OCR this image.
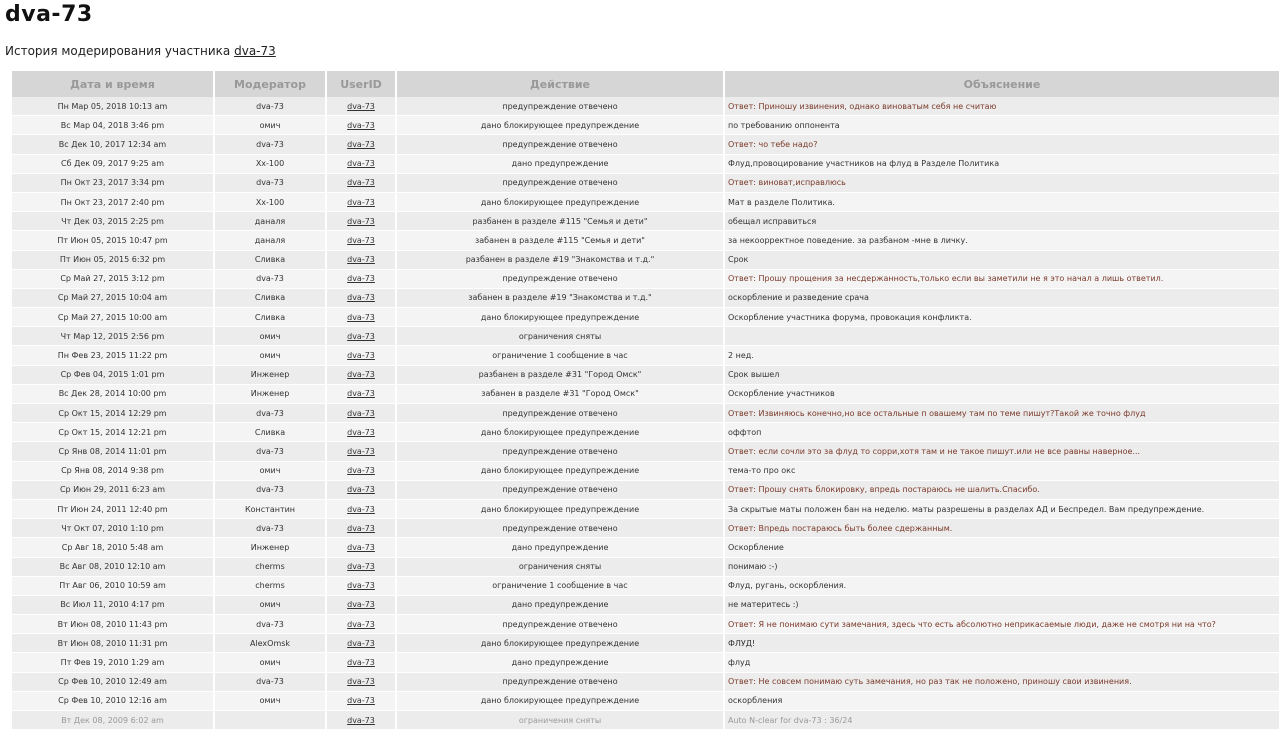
dva-73
История модерирования участника dva-73
Дата и время	Модератор	UserID	Действие	Объяснение
Пн Мар 05, 2018 10:13 am	dva-73	dva-73	предупреждение отвечено	Ответ: Приношу извинения, однако виноватым себя не считаю
Вс Мар 04, 2018 3:46 pm	омич	dva-73	дано блокирующее предупреждение	по требованию оппонента
Вс Дек 10, 2017 12:34 am	dva-73	dva-73	предупреждение отвечено	Ответ: чо тебе надо?
Сб Дек 09, 2017 9:25 am	Xx-100	dva-73	дано предупреждение	Флуд,провоцирование участников на флуд в Разделе Политика
Пн Окт 23, 2017 3:34 pm	dva-73	dva-73	предупреждение отвечено	Ответ: виноват,исправлюсь
Пн Окт 23, 2017 2:40 pm	Xx-100	dva-73	дано блокирующее предупреждение	Мат в разделе Политика.
Чт Дек 03, 2015 2:25 pm	даналя	dva-73	разбанен в разделе #115 "Семья и дети"	обещал исправиться
Пт Июн 05, 2015 10:47 pm	даналя	dva-73	забанен в разделе #115 "Семья и дети"	за некоорректное поведение. за разбаном -мне в личку.
Пт Июн 05, 2015 6:32 pm	Сливка	dva-73	разбанен в разделе #19 "Знакомства и т.д."	Срок
Ср Май 27, 2015 3:12 pm	dva-73	dva-73	предупреждение отвечено	Ответ: Прошу прощения за несдержанность,только если вы заметили не я это начал а лишь ответил.
Ср Май 27, 2015 10:04 am	Сливка	dva-73	забанен в разделе #19 "Знакомства и т.д."	оскорбление и разведение срача
Ср Май 27, 2015 10:00 am	Сливка	dva-73	дано блокирующее предупреждение	Оскорбление участника форума, провокация конфликта.
Чт Мар 12, 2015 2:56 pm	омич	dva-73	ограничения сняты	
Пн Фев 23, 2015 11:22 pm	омич	dva-73	ограничение 1 сообщение в час	2 нед.
Ср Фев 04, 2015 1:01 pm	Инженер	dva-73	разбанен в разделе #31 "Город Омск"	Срок вышел
Вс Дек 28, 2014 10:00 pm	Инженер	dva-73	забанен в разделе #31 "Город Омск"	Оскорбление участников
Ср Окт 15, 2014 12:29 pm	dva-73	dva-73	предупреждение отвечено	Ответ: Извиняюсь конечно,но все остальные п овашему там по теме пишут?Такой же точно флуд
Ср Окт 15, 2014 12:21 pm	Сливка	dva-73	дано блокирующее предупреждение	оффтоп
Ср Янв 08, 2014 11:01 pm	dva-73	dva-73	предупреждение отвечено	Ответ: если сочли это за флуд то сорри,хотя там и не такое пишут.или не все равны наверное...
Ср Янв 08, 2014 9:38 pm	омич	dva-73	дано блокирующее предупреждение	тема-то про окс
Ср Июн 29, 2011 6:23 am	dva-73	dva-73	предупреждение отвечено	Ответ: Прошу снять блокировку, впредь постараюсь не шалить.Спасибо.
Пт Июн 24, 2011 12:40 pm	Константин	dva-73	дано блокирующее предупреждение	За скрытые маты положен бан на неделю. маты разрешены в разделах АД и Беспредел. Вам предупреждение.
Чт Окт 07, 2010 1:10 pm	dva-73	dva-73	предупреждение отвечено	Ответ: Впредь постараюсь быть более сдержанным.
Ср Авг 18, 2010 5:48 am	Инженер	dva-73	дано предупреждение	Оскорбление
Вс Авг 08, 2010 12:10 am	cherms	dva-73	ограничения сняты	понимаю :-)
Пт Авг 06, 2010 10:59 am	cherms	dva-73	ограничение 1 сообщение в час	Флуд, ругань, оскорбления.
Вс Июл 11, 2010 4:17 pm	омич	dva-73	дано предупреждение	не материтесь :)
Вт Июн 08, 2010 11:43 pm	dva-73	dva-73	предупреждение отвечено	Ответ: Я не понимаю сути замечания, здесь что есть абсолютно неприкасаемые люди, даже не смотря ни на что?
Вт Июн 08, 2010 11:31 pm	AlexOmsk	dva-73	дано блокирующее предупреждение	ФЛУД!
Пт Фев 19, 2010 1:29 am	омич	dva-73	дано предупреждение	флуд
Ср Фев 10, 2010 12:49 am	dva-73	dva-73	предупреждение отвечено	Ответ: Не совсем понимаю суть замечания, но раз так не положено, приношу свои извинения.
Ср Фев 10, 2010 12:16 am	омич	dva-73	дано блокирующее предупреждение	оскорбления
Вт Дек 08, 2009 6:02 am		dva-73	ограничения сняты	Auto N-clear for dva-73 : 36/24
